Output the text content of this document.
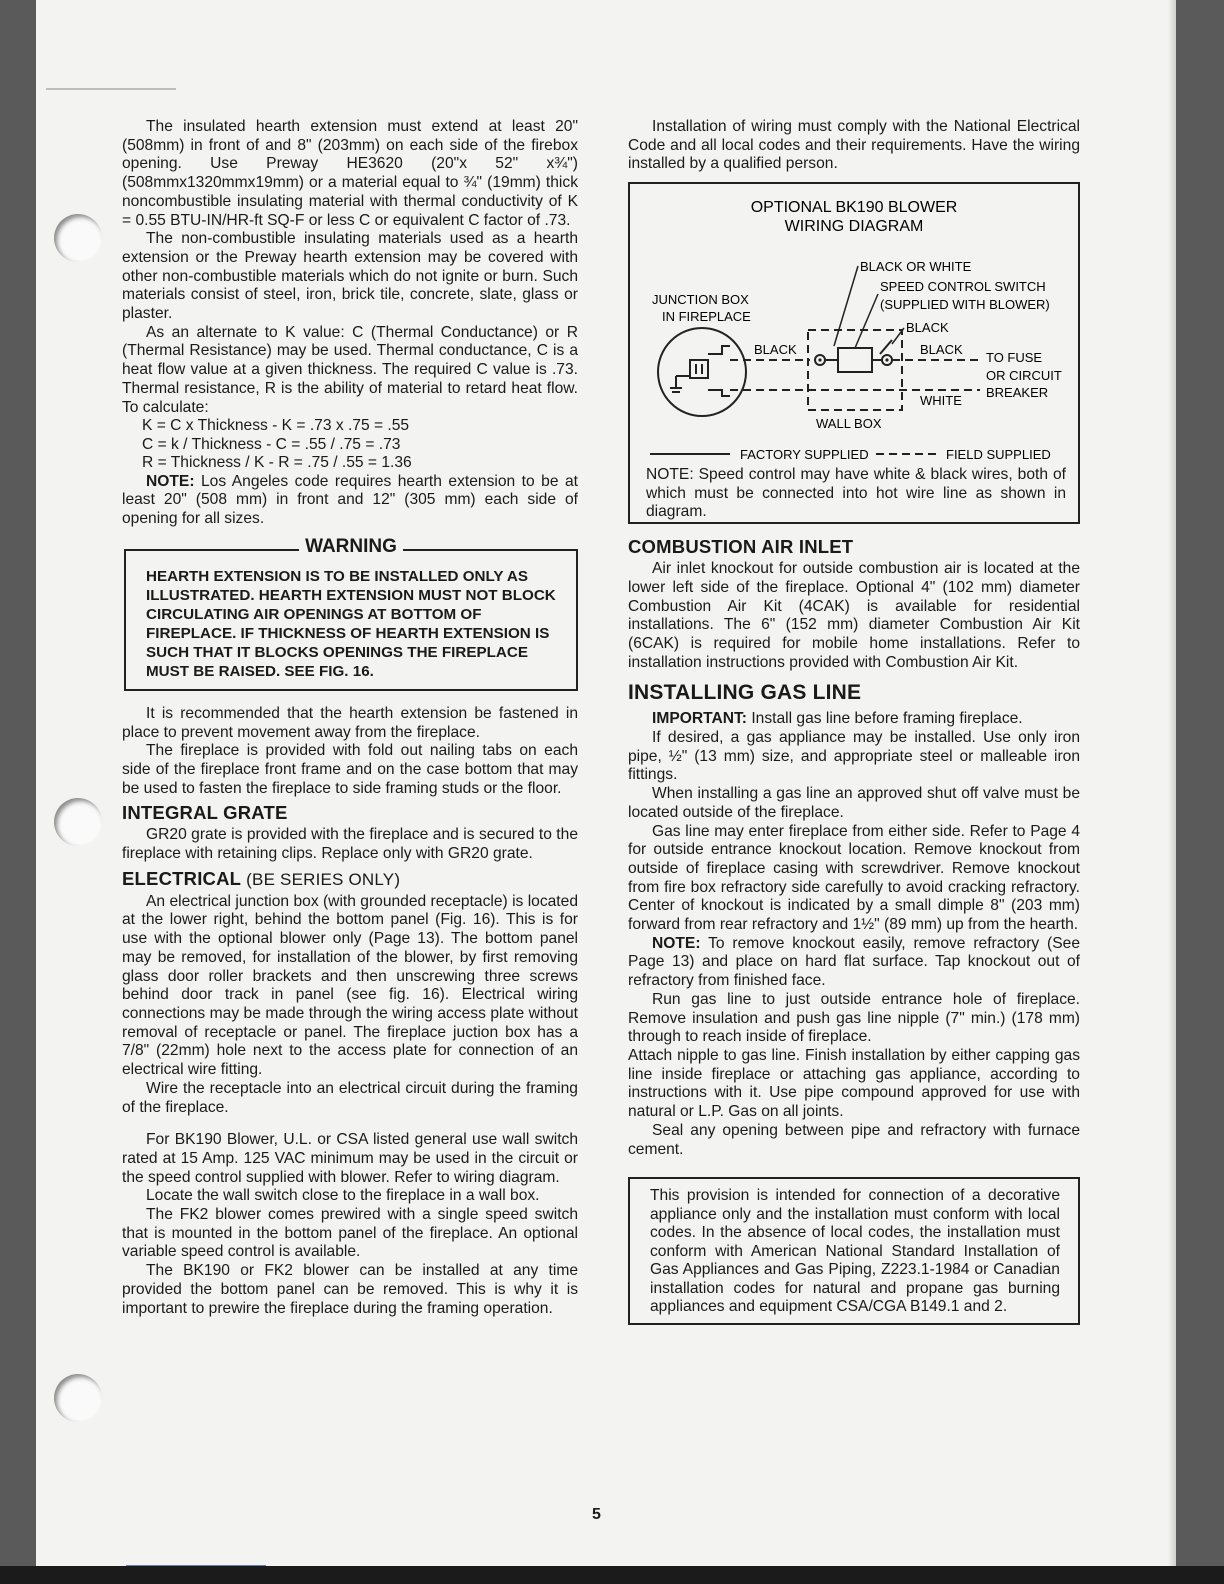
The insulated hearth extension must extend at least 20" (508mm) in front of and 8" (203mm) on each side of the firebox opening. Use Preway HE3620 (20"x 52" x¾") (508mmx1320mmx19mm) or a material equal to ¾" (19mm) thick noncombustible insulating material with thermal conductivity of K = 0.55 BTU-IN/HR-ft SQ-F or less C or equivalent C factor of .73.

The non-combustible insulating materials used as a hearth extension or the Preway hearth extension may be covered with other non-combustible materials which do not ignite or burn. Such materials consist of steel, iron, brick tile, concrete, slate, glass or plaster.

As an alternate to K value: C (Thermal Conductance) or R (Thermal Resistance) may be used. Thermal conductance, C is a heat flow value at a given thickness. The required C value is .73. Thermal resistance, R is the ability of material to retard heat flow. To calculate:

K = C x Thickness - K = .73 x .75 = .55

C = k / Thickness - C = .55 / .75 = .73

R = Thickness / K - R = .75 / .55 = 1.36

NOTE: Los Angeles code requires hearth extension to be at least 20" (508 mm) in front and 12" (305 mm) each side of opening for all sizes.

WARNING

HEARTH EXTENSION IS TO BE INSTALLED ONLY AS ILLUSTRATED. HEARTH EXTENSION MUST NOT BLOCK CIRCULATING AIR OPENINGS AT BOTTOM OF FIREPLACE. IF THICKNESS OF HEARTH EXTENSION IS SUCH THAT IT BLOCKS OPENINGS THE FIREPLACE MUST BE RAISED. SEE FIG. 16.

It is recommended that the hearth extension be fastened in place to prevent movement away from the fireplace.

The fireplace is provided with fold out nailing tabs on each side of the fireplace front frame and on the case bottom that may be used to fasten the fireplace to side framing studs or the floor.

INTEGRAL GRATE

GR20 grate is provided with the fireplace and is secured to the fireplace with retaining clips. Replace only with GR20 grate.

ELECTRICAL (BE SERIES ONLY)

An electrical junction box (with grounded receptacle) is located at the lower right, behind the bottom panel (Fig. 16). This is for use with the optional blower only (Page 13). The bottom panel may be removed, for installation of the blower, by first removing glass door roller brackets and then unscrewing three screws behind door track in panel (see fig. 16). Electrical wiring connections may be made through the wiring access plate without removal of receptacle or panel. The fireplace juction box has a 7/8" (22mm) hole next to the access plate for connection of an electrical wire fitting.

Wire the receptacle into an electrical circuit during the framing of the fireplace.

For BK190 Blower, U.L. or CSA listed general use wall switch rated at 15 Amp. 125 VAC minimum may be used in the circuit or the speed control supplied with blower. Refer to wiring diagram.

Locate the wall switch close to the fireplace in a wall box.

The FK2 blower comes prewired with a single speed switch that is mounted in the bottom panel of the fireplace. An optional variable speed control is available.

The BK190 or FK2 blower can be installed at any time provided the bottom panel can be removed. This is why it is important to prewire the fireplace during the framing operation.

Installation of wiring must comply with the National Electrical Code and all local codes and their requirements. Have the wiring installed by a qualified person.

OPTIONAL BK190 BLOWER
WIRING DIAGRAM
BLACK OR WHITE
SPEED CONTROL SWITCH
(SUPPLIED WITH BLOWER)
JUNCTION BOX
IN FIREPLACE
BLACK
BLACK	BLACK
TO FUSE
OR CIRCUIT
BREAKER
WHITE
WALL BOX
FACTORY SUPPLIED	FIELD SUPPLIED
NOTE: Speed control may have white & black wires, both of which must be connected into hot wire line as shown in diagram.
COMBUSTION AIR INLET

Air inlet knockout for outside combustion air is located at the lower left side of the fireplace. Optional 4" (102 mm) diameter Combustion Air Kit (4CAK) is available for residential installations. The 6" (152 mm) diameter Combustion Air Kit (6CAK) is required for mobile home installations. Refer to installation instructions provided with Combustion Air Kit.

INSTALLING GAS LINE

IMPORTANT: Install gas line before framing fireplace.

If desired, a gas appliance may be installed. Use only iron pipe, ½" (13 mm) size, and appropriate steel or malleable iron fittings.

When installing a gas line an approved shut off valve must be located outside of the fireplace.

Gas line may enter fireplace from either side. Refer to Page 4 for outside entrance knockout location. Remove knockout from outside of fireplace casing with screwdriver. Remove knockout from fire box refractory side carefully to avoid cracking refractory. Center of knockout is indicated by a small dimple 8" (203 mm) forward from rear refractory and 1½" (89 mm) up from the hearth.

NOTE: To remove knockout easily, remove refractory (See Page 13) and place on hard flat surface. Tap knockout out of refractory from finished face.

Run gas line to just outside entrance hole of fireplace. Remove insulation and push gas line nipple (7" min.) (178 mm) through to reach inside of fireplace.

Attach nipple to gas line. Finish installation by either capping gas line inside fireplace or attaching gas appliance, according to instructions with it. Use pipe compound approved for use with natural or L.P. Gas on all joints.

Seal any opening between pipe and refractory with furnace cement.

This provision is intended for connection of a decorative appliance only and the installation must conform with local codes. In the absence of local codes, the installation must conform with American National Standard Installation of Gas Appliances and Gas Piping, Z223.1-1984 or Canadian installation codes for natural and propane gas burning appliances and equipment CSA/CGA B149.1 and 2.

5
